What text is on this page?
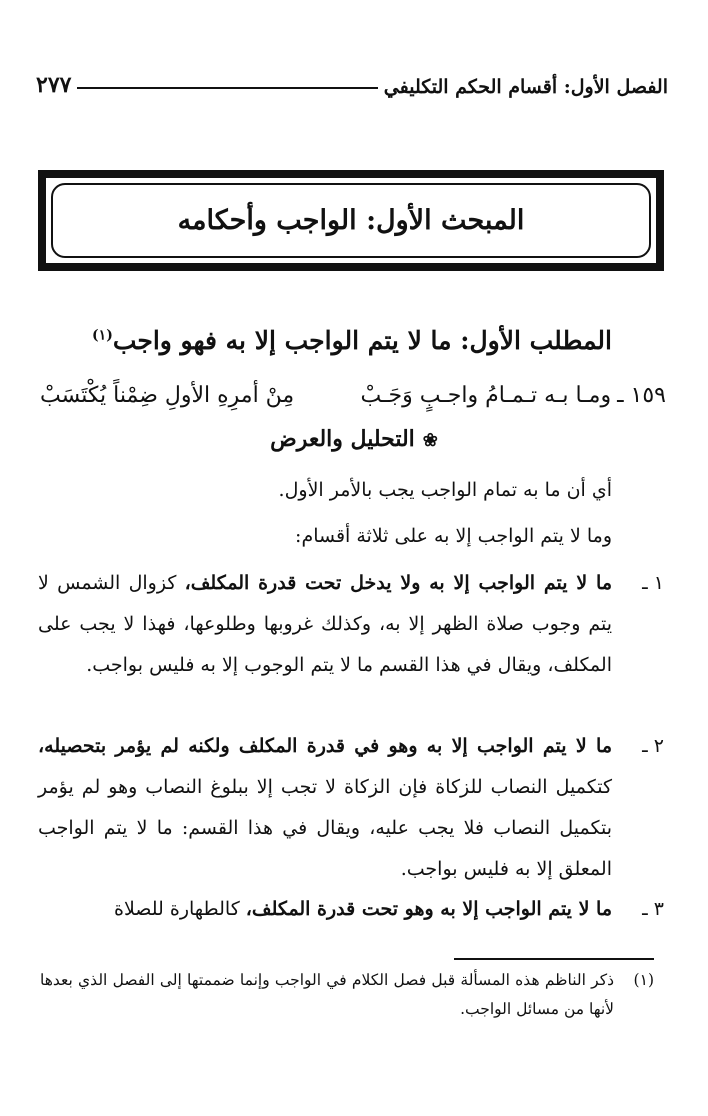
الفصل الأول: أقسام الحكم التكليفي
٢٧٧
المبحث الأول: الواجب وأحكامه
المطلب الأول: ما لا يتم الواجب إلا به فهو واجب$^{(١)}$
١٥٩ ـ
ومـا بـه تـمـامُ واجـبٍ وَجَـبْ
مِنْ أمرِهِ الأولِ ضِمْناً يُكْتَسَبْ
❀التحليل والعرض
أي أن ما به تمام الواجب يجب بالأمر الأول.
وما لا يتم الواجب إلا به على ثلاثة أقسام:
١ ـ
ما لا يتم الواجب إلا به ولا يدخل تحت قدرة المكلف، كزوال الشمس لا يتم وجوب صلاة الظهر إلا به، وكذلك غروبها وطلوعها، فهذا لا يجب على المكلف، ويقال في هذا القسم ما لا يتم الوجوب إلا به فليس بواجب.
٢ ـ
ما لا يتم الواجب إلا به وهو في قدرة المكلف ولكنه لم يؤمر بتحصيله، كتكميل النصاب للزكاة فإن الزكاة لا تجب إلا ببلوغ النصاب وهو لم يؤمر بتكميل النصاب فلا يجب عليه، ويقال في هذا القسم: ما لا يتم الواجب المعلق إلا به فليس بواجب.
٣ ـ
ما لا يتم الواجب إلا به وهو تحت قدرة المكلف، كالطهارة للصلاة
(١)
ذكر الناظم هذه المسألة قبل فصل الكلام في الواجب وإنما ضممتها إلى الفصل الذي بعدها لأنها من مسائل الواجب.
